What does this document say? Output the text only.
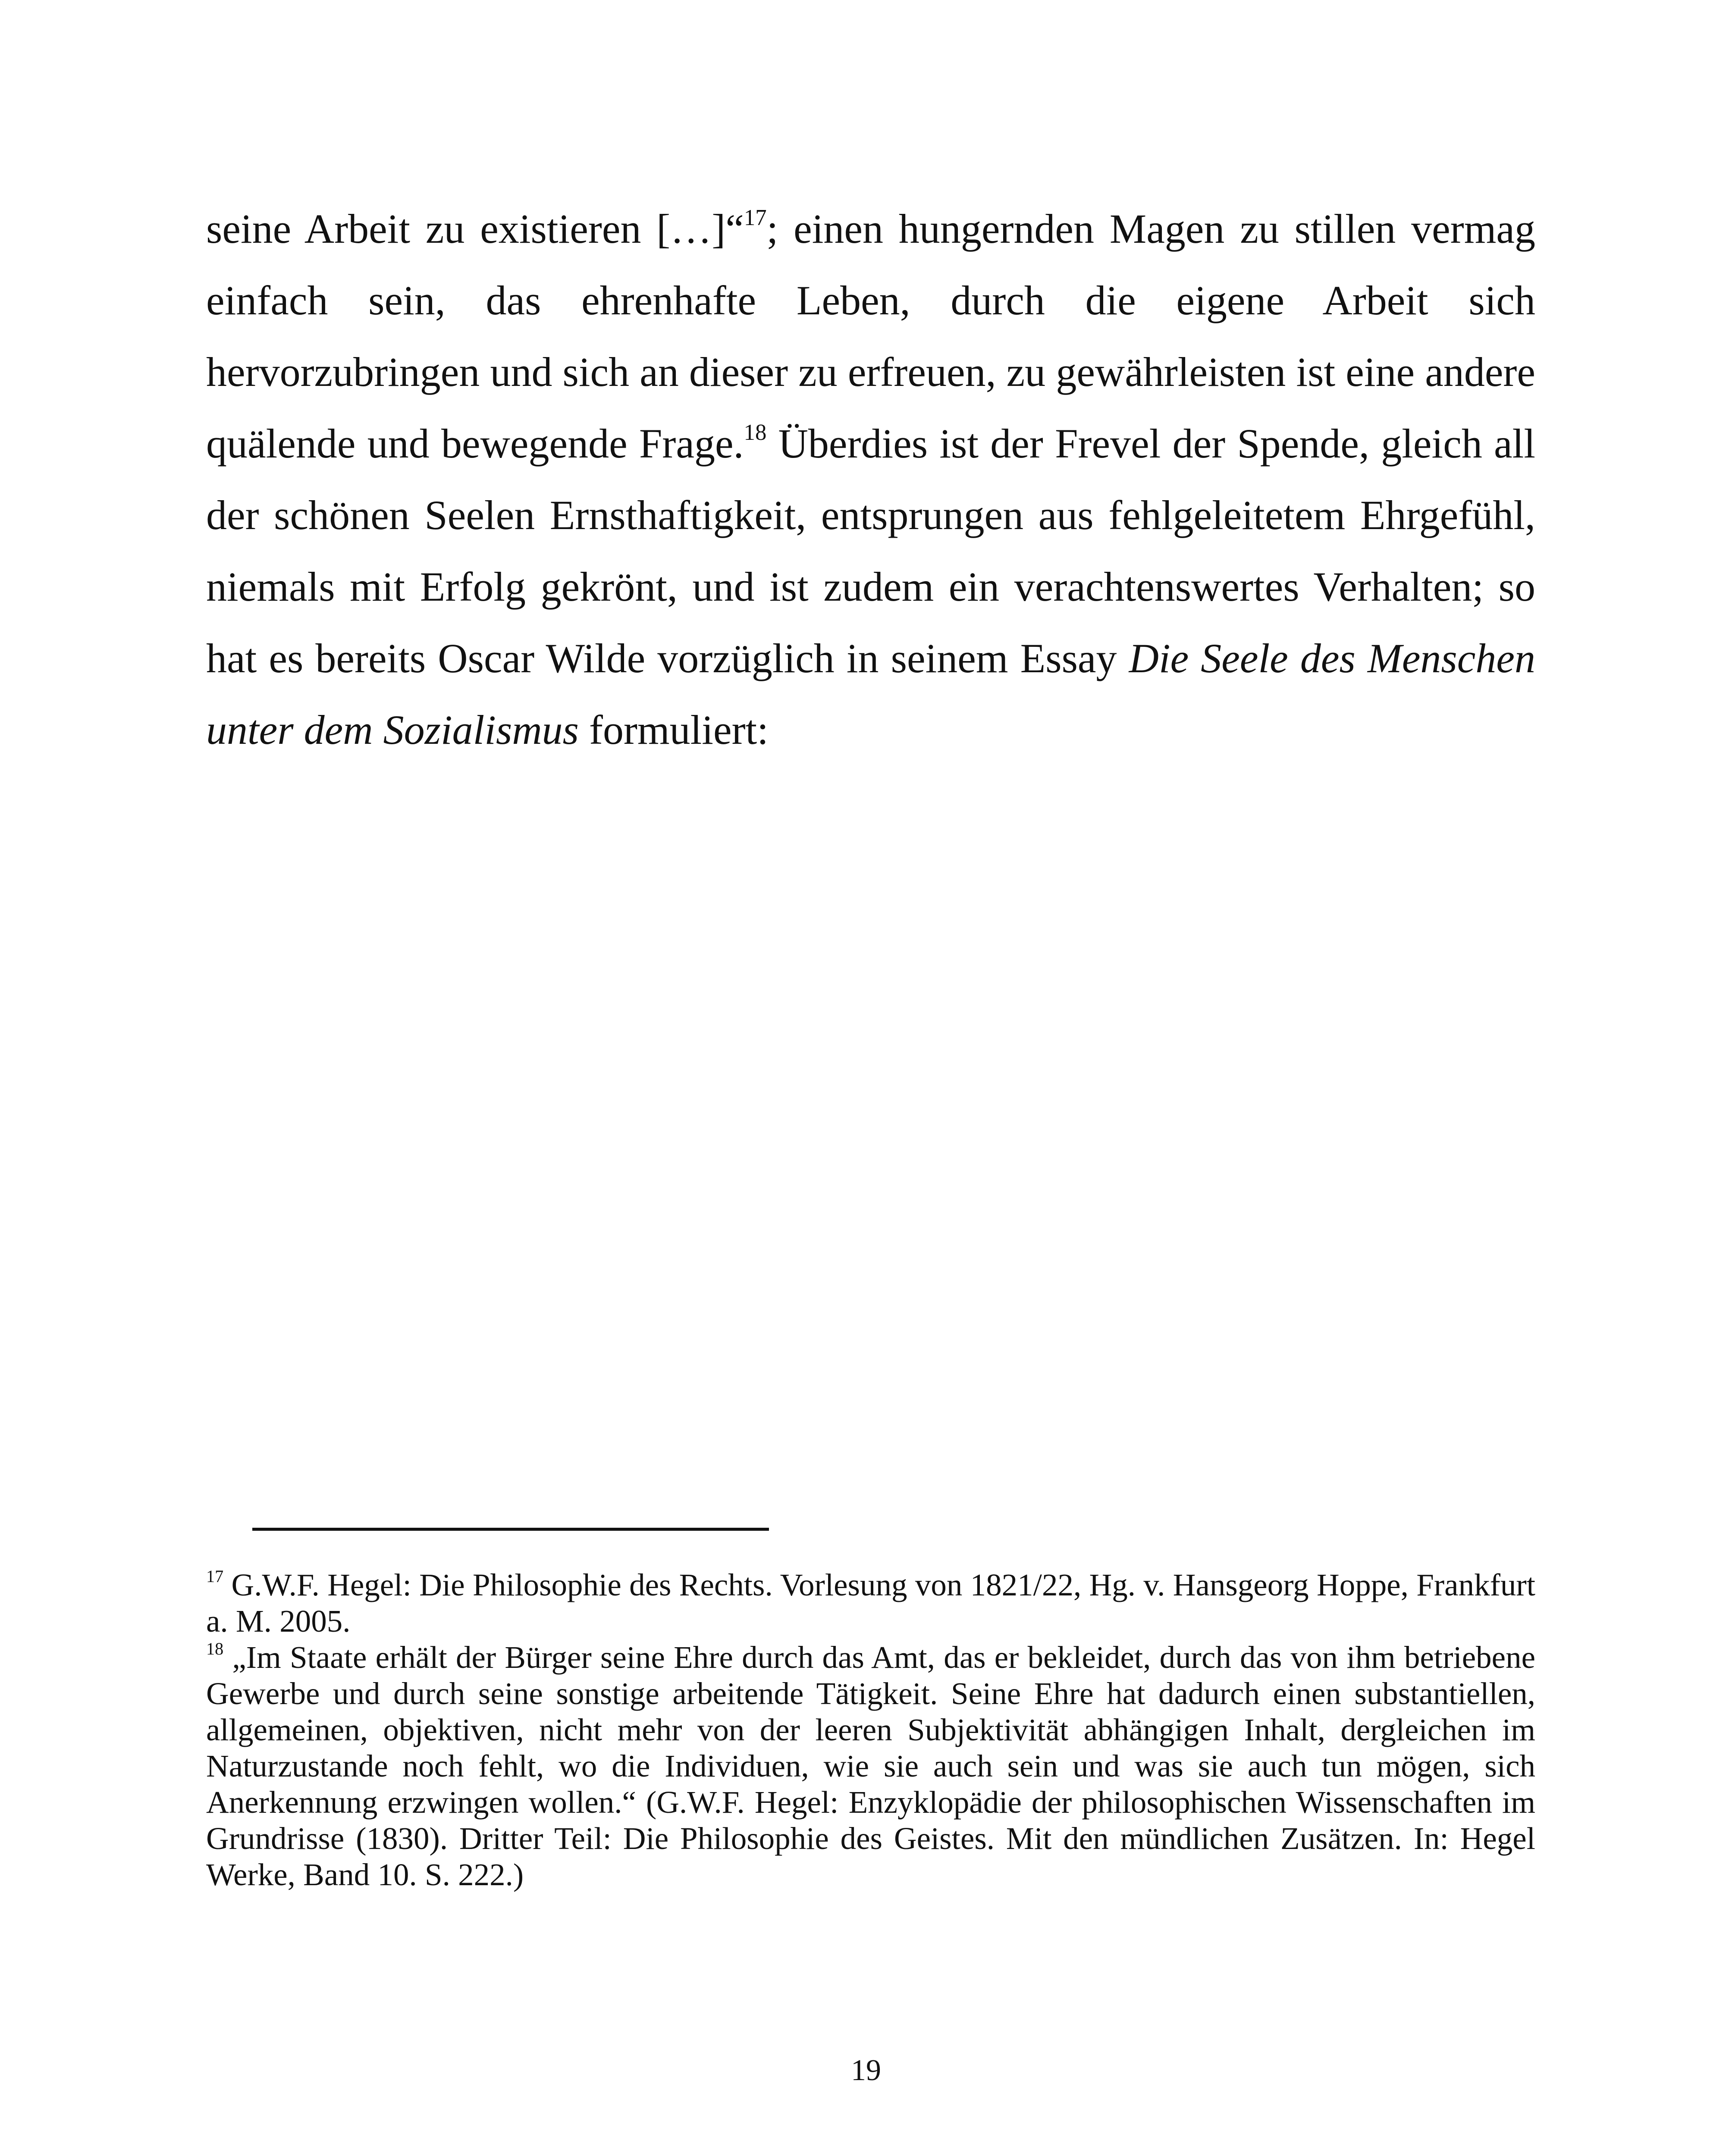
seine Arbeit zu existieren […]“$^{17}$; einen hungernden Magen zu stillen vermag einfach sein, das ehrenhafte Leben, durch die eigene Arbeit sich hervorzubringen und sich an dieser zu erfreuen, zu gewährleisten ist eine andere quälende und bewegende Frage.$^{18}$ Überdies ist der Frevel der Spende, gleich all der schönen Seelen Ernsthaftigkeit, entsprungen aus fehlgeleitetem Ehrgefühl, niemals mit Erfolg gekrönt, und ist zudem ein verachtenswertes Verhalten; so hat es bereits Oscar Wilde vorzüglich in seinem Essay Die Seele des Menschen unter dem Sozialismus formuliert:

$^{17}$ G.W.F. Hegel: Die Philosophie des Rechts. Vorlesung von 1821/22, Hg. v. Hansgeorg Hoppe, Frankfurt a. M. 2005.

$^{18}$ „Im Staate erhält der Bürger seine Ehre durch das Amt, das er bekleidet, durch das von ihm betriebene Gewerbe und durch seine sonstige arbeitende Tätigkeit. Seine Ehre hat dadurch einen substantiellen, allgemeinen, objektiven, nicht mehr von der leeren Subjektivität abhängigen Inhalt, dergleichen im Naturzustande noch fehlt, wo die Individuen, wie sie auch sein und was sie auch tun mögen, sich Anerkennung erzwingen wollen.“ (G.W.F. Hegel: Enzyklopädie der philosophischen Wissenschaften im Grundrisse (1830). Dritter Teil: Die Philosophie des Geistes. Mit den mündlichen Zusätzen. In: Hegel Werke, Band 10. S. 222.)

19
